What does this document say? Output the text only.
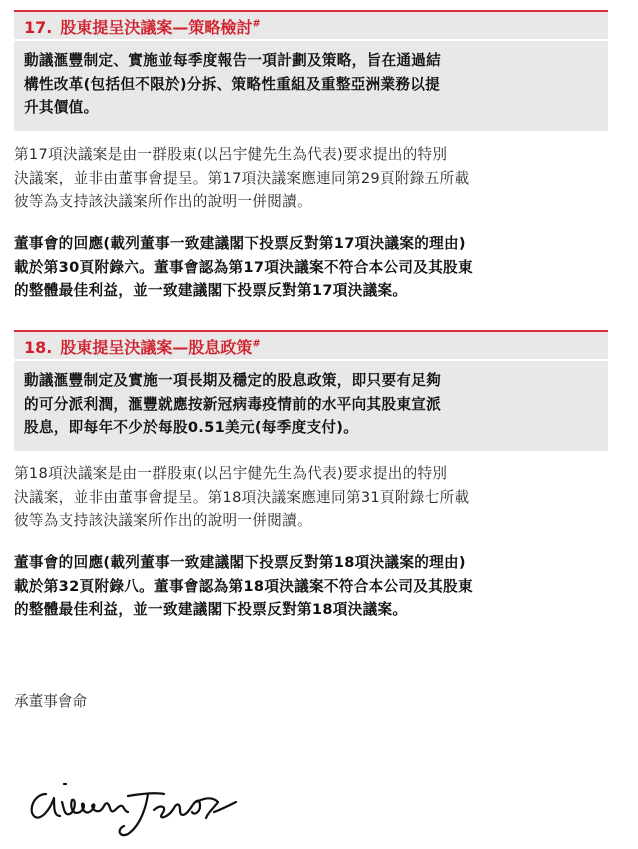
17. 股東提呈決議案—策略檢討#
動議滙豐制定、實施並每季度報告一項計劃及策略，旨在通過結
構性改革(包括但不限於)分拆、策略性重組及重整亞洲業務以提
升其價值。
第17項決議案是由一群股東(以呂宇健先生為代表)要求提出的特別
決議案，並非由董事會提呈。第17項決議案應連同第29頁附錄五所載
彼等為支持該決議案所作出的說明一併閱讀。
董事會的回應(載列董事一致建議閣下投票反對第17項決議案的理由)
載於第30頁附錄六。董事會認為第17項決議案不符合本公司及其股東
的整體最佳利益，並一致建議閣下投票反對第17項決議案。
18. 股東提呈決議案—股息政策#
動議滙豐制定及實施一項長期及穩定的股息政策，即只要有足夠
的可分派利潤，滙豐就應按新冠病毒疫情前的水平向其股東宣派
股息，即每年不少於每股0.51美元(每季度支付)。
第18項決議案是由一群股東(以呂宇健先生為代表)要求提出的特別
決議案，並非由董事會提呈。第18項決議案應連同第31頁附錄七所載
彼等為支持該決議案所作出的說明一併閱讀。
董事會的回應(載列董事一致建議閣下投票反對第18項決議案的理由)
載於第32頁附錄八。董事會認為第18項決議案不符合本公司及其股東
的整體最佳利益，並一致建議閣下投票反對第18項決議案。
承董事會命
